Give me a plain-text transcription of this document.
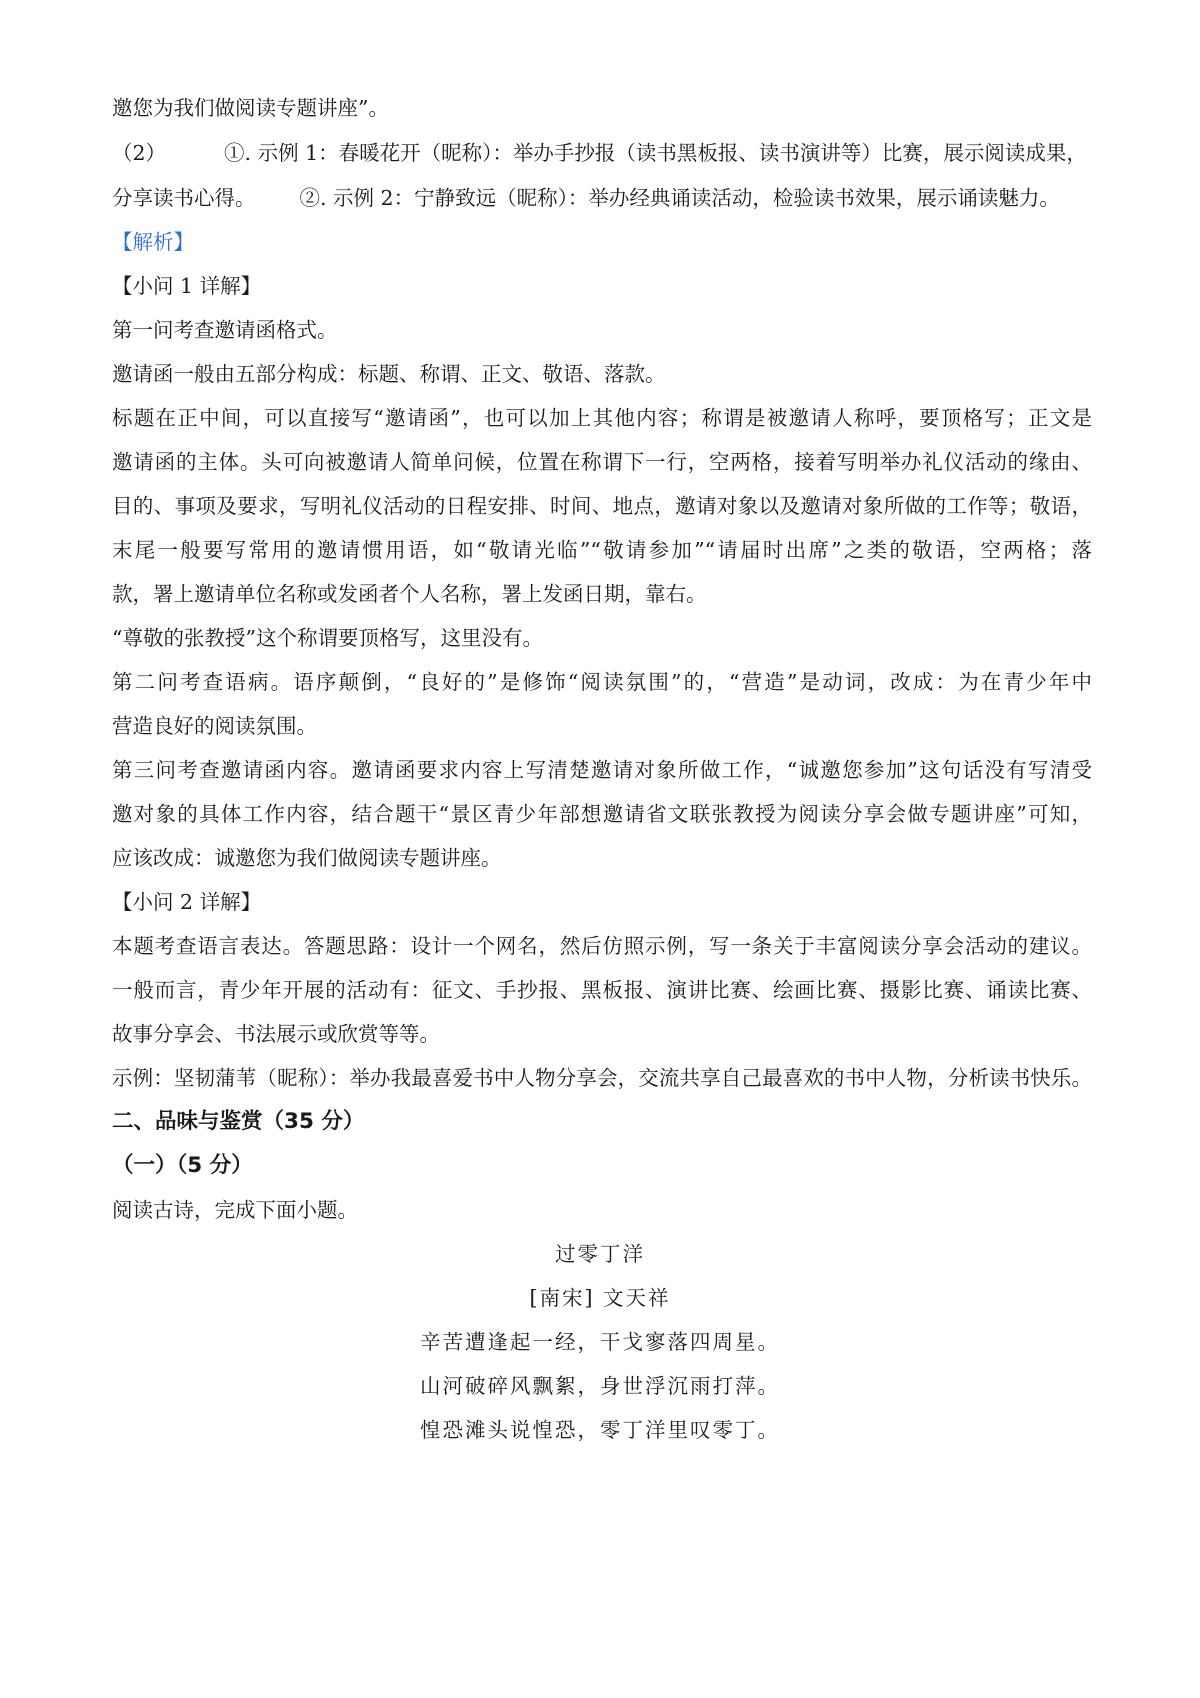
邀您为我们做阅读专题讲座”。
（2）	①. 示例 1：春暖花开（昵称）：举办手抄报（读书黑板报、读书演讲等）比赛，展示阅读成果，
分享读书心得。 ②. 示例 2：宁静致远（昵称）：举办经典诵读活动，检验读书效果，展示诵读魅力。
【解析】
【小问 1 详解】
第一问考查邀请函格式。
邀请函一般由五部分构成：标题、称谓、正文、敬语、落款。
标题在正中间，可以直接写“邀请函”，也可以加上其他内容；称谓是被邀请人称呼，要顶格写；正文是
邀请函的主体。头可向被邀请人简单问候，位置在称谓下一行，空两格，接着写明举办礼仪活动的缘由、
目的、事项及要求，写明礼仪活动的日程安排、时间、地点，邀请对象以及邀请对象所做的工作等；敬语，
末尾一般要写常用的邀请惯用语，如“敬请光临”“敬请参加”“请届时出席”之类的敬语，空两格；落
款，署上邀请单位名称或发函者个人名称，署上发函日期，靠右。
“尊敬的张教授”这个称谓要顶格写，这里没有。
第二问考查语病。语序颠倒，“良好的”是修饰“阅读氛围”的，“营造”是动词，改成：为在青少年中
营造良好的阅读氛围。
第三问考查邀请函内容。邀请函要求内容上写清楚邀请对象所做工作，“诚邀您参加”这句话没有写清受
邀对象的具体工作内容，结合题干“景区青少年部想邀请省文联张教授为阅读分享会做专题讲座”可知，
应该改成：诚邀您为我们做阅读专题讲座。
【小问 2 详解】
本题考查语言表达。答题思路：设计一个网名，然后仿照示例，写一条关于丰富阅读分享会活动的建议。
一般而言，青少年开展的活动有：征文、手抄报、黑板报、演讲比赛、绘画比赛、摄影比赛、诵读比赛、
故事分享会、书法展示或欣赏等等。
示例：坚韧蒲苇（昵称）：举办我最喜爱书中人物分享会，交流共享自己最喜欢的书中人物，分析读书快乐。
二、品味与鉴赏（35 分）
（一）（5 分）
阅读古诗，完成下面小题。
过零丁洋
[南宋] 文天祥
辛苦遭逢起一经，干戈寥落四周星。
山河破碎风飘絮，身世浮沉雨打萍。
惶恐滩头说惶恐，零丁洋里叹零丁。
